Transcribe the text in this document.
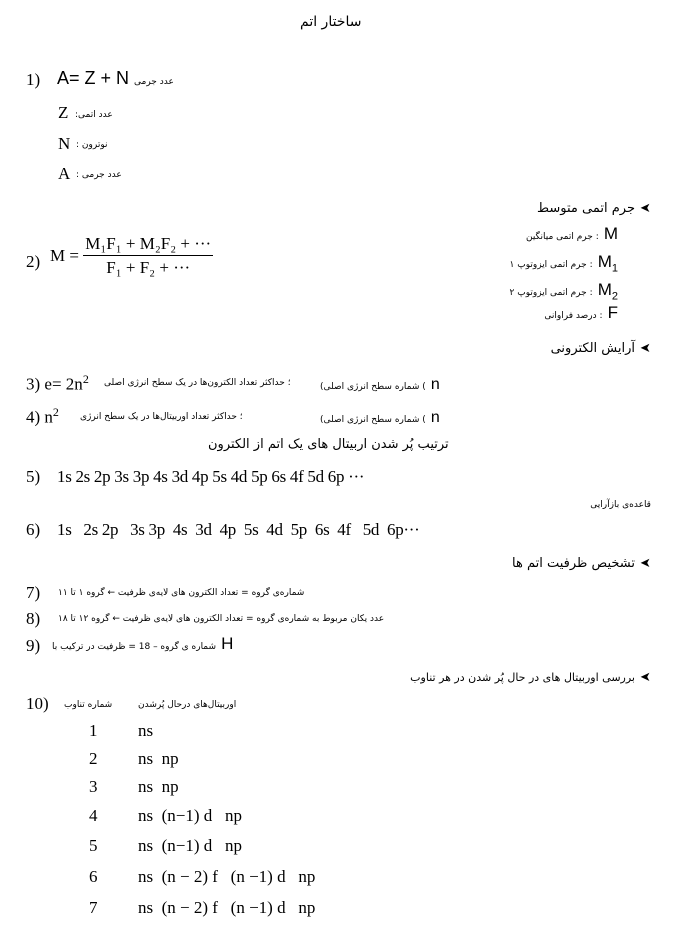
ساختار اتم
1) A= Z + N عدد جرمی
Z عدد اتمی:
N نوترون :
A عدد جرمی :
➤ جرم اتمی متوسط
M : جرم اتمی میانگین
$M_1$ : جرم اتمی ایزوتوپ ۱
$M_2$ : جرم اتمی ایزوتوپ ۲
F : درصد فراوانی
2) $M = \frac{\text{M₁F₁ + M₂F₂ + ···}}{\text{F₁ + F₂ + ···}}$
➤ آرایش الکترونی
3) $e= 2n^2$ ؛ حداکثر تعداد الکترون‌ها در یک سطح انرژی اصلی	n ) شماره سطح انرژی اصلی)
4) $n^2$ ؛ حداکثر تعداد اوربیتال‌ها در یک سطح انرژی	n ) شماره سطح انرژی اصلی)
ترتیب پُر شدن اربیتال های یک اتم از الکترون
5) 1s 2s 2p 3s 3p 4s 3d 4p 5s 4d 5p 6s 4f 5d 6p ···
قاعده‌ی بازآرایی
6) 1s   2s 2p   3s 3p  4s  3d  4p  5s  4d  5p  6s  4f   5d  6p···
➤ تشخیص ظرفیت اتم ها
7) شماره‌ی گروه = تعداد الکترون های لایه‌ی ظرفیت ← گروه ۱ تا ۱۱
8) عدد یکان مربوط به شماره‌ی گروه = تعداد الکترون های لایه‌ی ظرفیت ← گروه ۱۲ تا ۱۸
9)	H شماره ی گروه – 18 = ظرفیت در ترکیب با
➤ بررسی اوربیتال های در حال پُر شدن در هر تناوب
10) شماره تناوب	اوربیتال‌های درحال پُرشدن
1 ns
2 ns  np
3 ns  np
4 ns  (n−1) d   np
5 ns  (n−1) d   np
6 ns  (n − 2) f   (n −1) d   np
7 ns  (n − 2) f   (n −1) d   np
